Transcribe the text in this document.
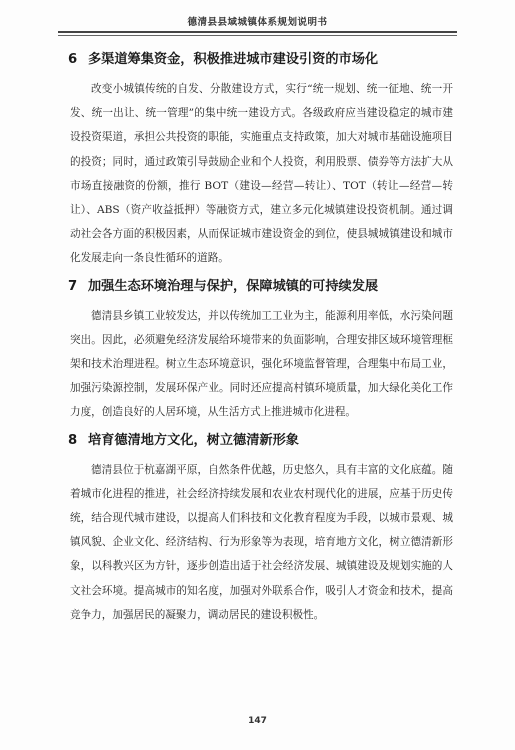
德清县县域城镇体系规划说明书
6 多渠道筹集资金，积极推进城市建设引资的市场化

改变小城镇传统的自发、分散建设方式，实行“统一规划、统一征地、统一开发、统一出让、统一管理”的集中统一建设方式。各级政府应当建设稳定的城市建设投资渠道，承担公共投资的职能，实施重点支持政策，加大对城市基础设施项目的投资；同时，通过政策引导鼓励企业和个人投资，利用股票、债券等方法扩大从市场直接融资的份额，推行 BOT（建设—经营—转让）、TOT（转让—经营—转让）、ABS（资产收益抵押）等融资方式，建立多元化城镇建设投资机制。通过调动社会各方面的积极因素，从而保证城市建设资金的到位，使县城城镇建设和城市化发展走向一条良性循环的道路。

7 加强生态环境治理与保护，保障城镇的可持续发展

德清县乡镇工业较发达，并以传统加工工业为主，能源利用率低，水污染问题突出。因此，必须避免经济发展给环境带来的负面影响，合理安排区域环境管理框架和技术治理进程。树立生态环境意识，强化环境监督管理，合理集中布局工业，加强污染源控制，发展环保产业。同时还应提高村镇环境质量，加大绿化美化工作力度，创造良好的人居环境，从生活方式上推进城市化进程。

8 培育德清地方文化，树立德清新形象

德清县位于杭嘉湖平原，自然条件优越，历史悠久，具有丰富的文化底蕴。随着城市化进程的推进，社会经济持续发展和农业农村现代化的进展，应基于历史传统，结合现代城市建设，以提高人们科技和文化教育程度为手段，以城市景观、城镇风貌、企业文化、经济结构、行为形象等为表现，培育地方文化，树立德清新形象，以科教兴区为方针，逐步创造出适于社会经济发展、城镇建设及规划实施的人文社会环境。提高城市的知名度，加强对外联系合作，吸引人才资金和技术，提高竞争力，加强居民的凝聚力，调动居民的建设积极性。

147
